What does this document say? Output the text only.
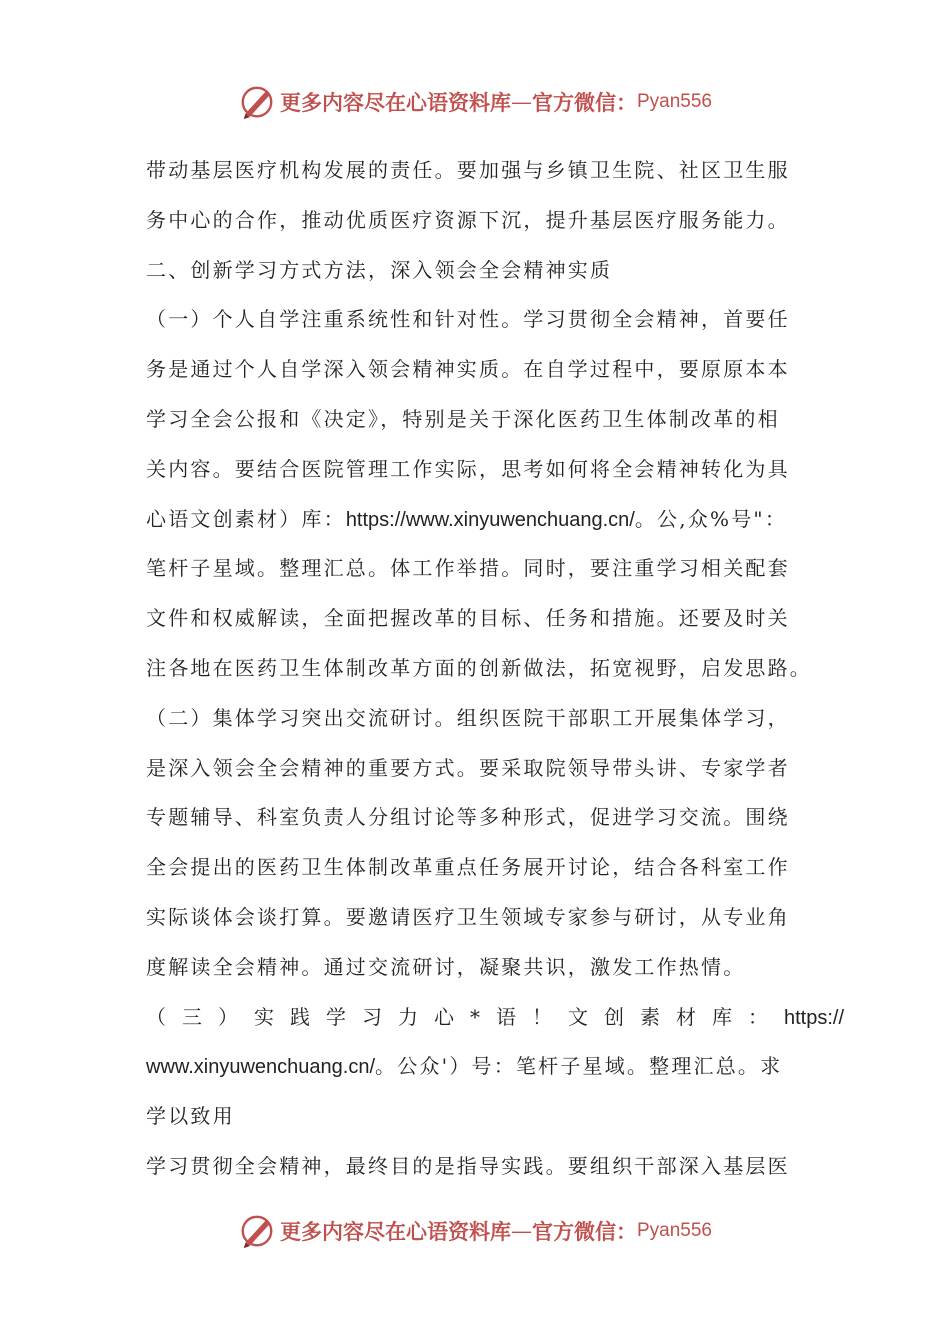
更多内容尽在心语资料库 — 官方微信： Pyan556
带动基层医疗机构发展的责任。要加强与乡镇卫生院、社区卫生服
务中心的合作，推动优质医疗资源下沉，提升基层医疗服务能力。
二、创新学习方式方法，深入领会全会精神实质
（一）个人自学注重系统性和针对性。学习贯彻全会精神，首要任
务是通过个人自学深入领会精神实质。在自学过程中，要原原本本
学习全会公报和《决定》，特别是关于深化医药卫生体制改革的相
关内容。要结合医院管理工作实际，思考如何将全会精神转化为具
心语文创素材）库：https://www.xinyuwenchuang.cn/。公,众%号"：
笔杆子星域。整理汇总。体工作举措。同时，要注重学习相关配套
文件和权威解读，全面把握改革的目标、任务和措施。还要及时关
注各地在医药卫生体制改革方面的创新做法，拓宽视野，启发思路。
（二）集体学习突出交流研讨。组织医院干部职工开展集体学习，
是深入领会全会精神的重要方式。要采取院领导带头讲、专家学者
专题辅导、科室负责人分组讨论等多种形式，促进学习交流。围绕
全会提出的医药卫生体制改革重点任务展开讨论，结合各科室工作
实际谈体会谈打算。要邀请医疗卫生领域专家参与研讨，从专业角
度解读全会精神。通过交流研讨，凝聚共识，激发工作热情。
（三）实践学习力心*语！文创素材库：https://
www.xinyuwenchuang.cn/。公众'）号：笔杆子星域。整理汇总。求
学以致用
学习贯彻全会精神，最终目的是指导实践。要组织干部深入基层医
更多内容尽在心语资料库 — 官方微信： Pyan556
